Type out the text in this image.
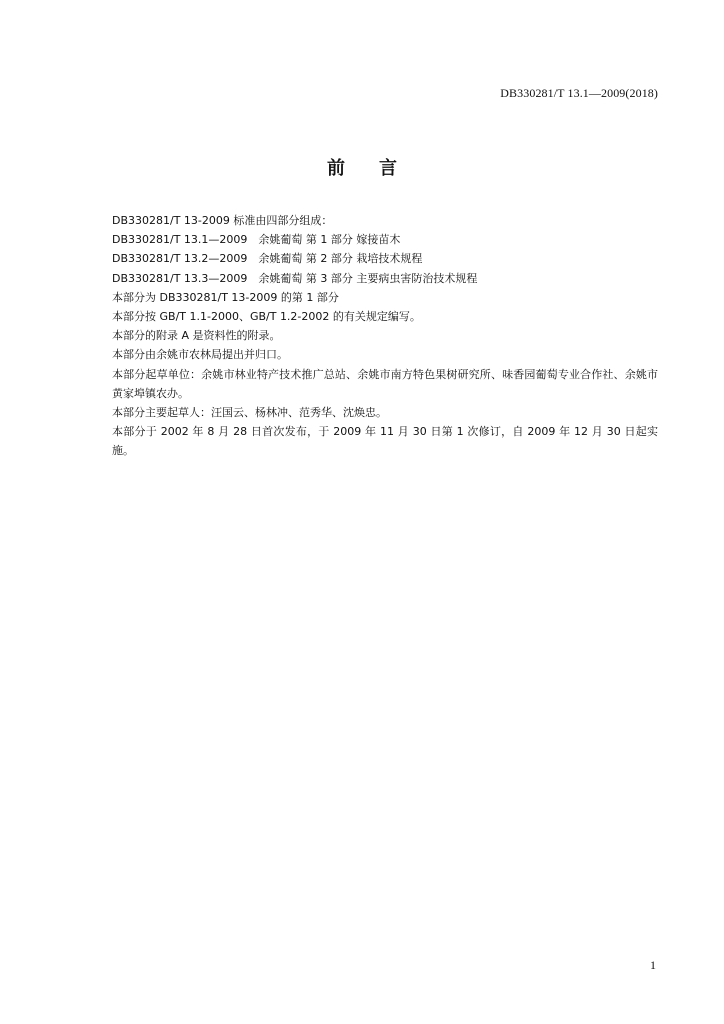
DB330281/T 13.1—2009(2018)
前言
DB330281/T 13-2009 标准由四部分组成：
DB330281/T 13.1—2009　余姚葡萄 第 1 部分 嫁接苗木
DB330281/T 13.2—2009　余姚葡萄 第 2 部分 栽培技术规程
DB330281/T 13.3—2009　余姚葡萄 第 3 部分 主要病虫害防治技术规程
本部分为 DB330281/T 13-2009 的第 1 部分
本部分按 GB/T 1.1-2000、GB/T 1.2-2002 的有关规定编写。
本部分的附录 A 是资料性的附录。
本部分由余姚市农林局提出并归口。
本部分起草单位：余姚市林业特产技术推广总站、余姚市南方特色果树研究所、味香园葡萄专业合作社、余姚市黄家埠镇农办。
本部分主要起草人：汪国云、杨林冲、范秀华、沈焕忠。
本部分于 2002 年 8 月 28 日首次发布，于 2009 年 11 月 30 日第 1 次修订，自 2009 年 12 月 30 日起实施。
1
